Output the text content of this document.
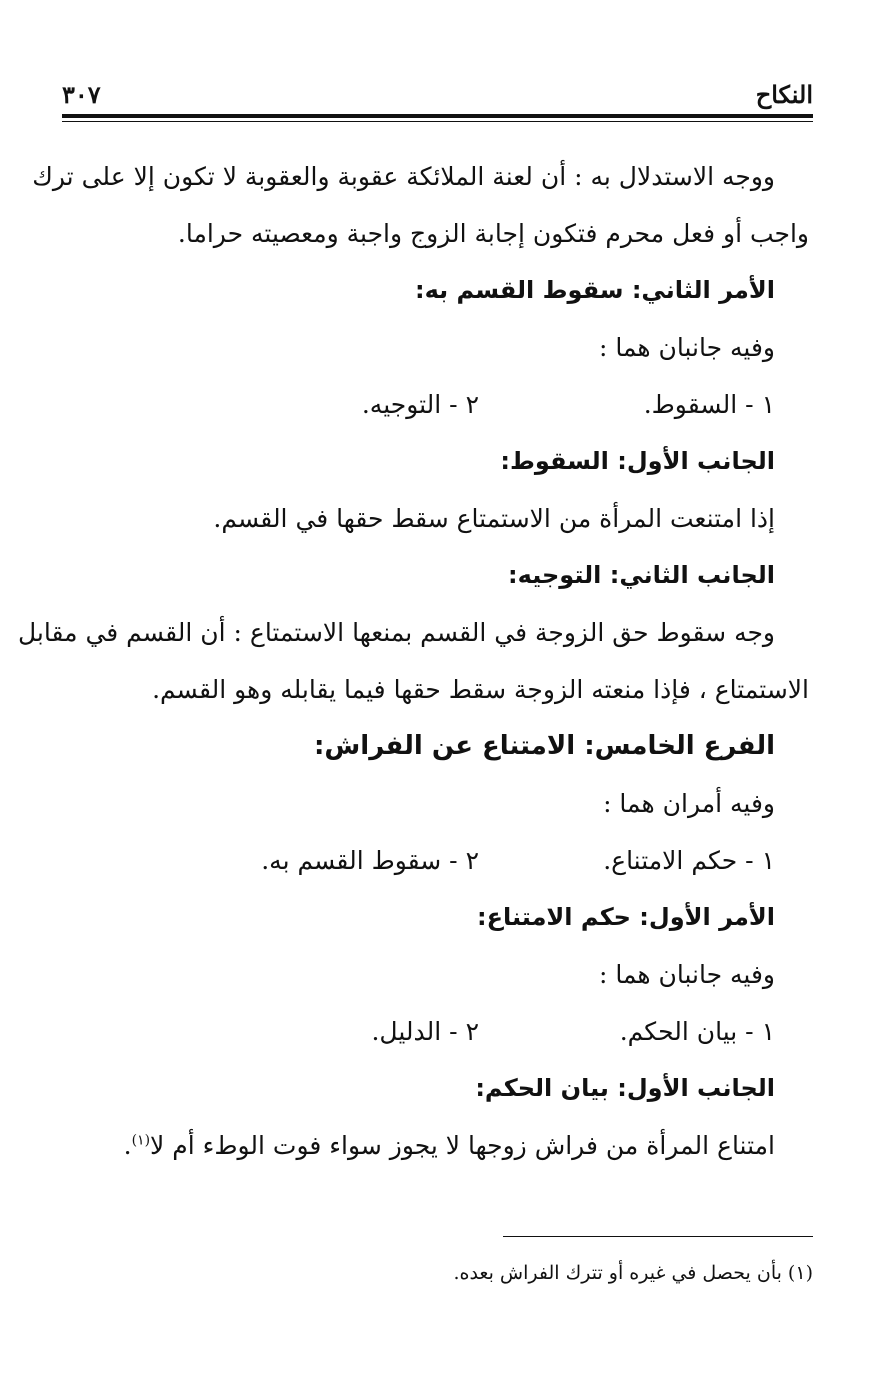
النكاح
٣٠٧
ووجه الاستدلال به : أن لعنة الملائكة عقوبة والعقوبة لا تكون إلا على ترك
واجب أو فعل محرم فتكون إجابة الزوج واجبة ومعصيته حراما.
الأمر الثاني: سقوط القسم به:
وفيه جانبان هما :
١ - السقوط.
٢ - التوجيه.
الجانب الأول: السقوط:
إذا امتنعت المرأة من الاستمتاع سقط حقها في القسم.
الجانب الثاني: التوجيه:
وجه سقوط حق الزوجة في القسم بمنعها الاستمتاع : أن القسم في مقابل
الاستمتاع ، فإذا منعته الزوجة سقط حقها فيما يقابله وهو القسم.
الفرع الخامس: الامتناع عن الفراش:
وفيه أمران هما :
١ - حكم الامتناع.
٢ - سقوط القسم به.
الأمر الأول: حكم الامتناع:
وفيه جانبان هما :
١ - بيان الحكم.
٢ - الدليل.
الجانب الأول: بيان الحكم:
امتناع المرأة من فراش زوجها لا يجوز سواء فوت الوطء أم لا$^{(١)}$.
(١) بأن يحصل في غيره أو تترك الفراش بعده.
